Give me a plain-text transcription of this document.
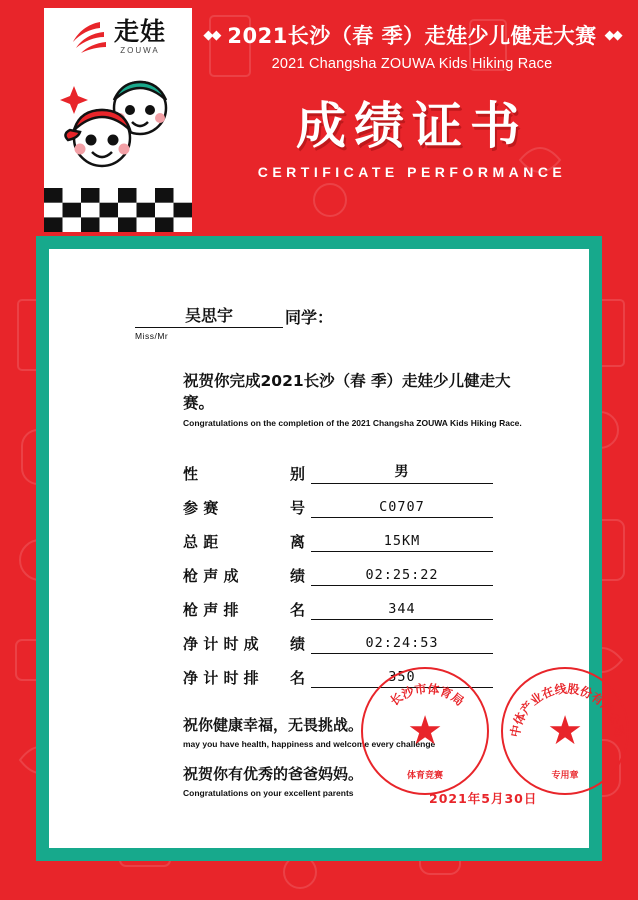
走娃
ZOUWA
◆◆ 2021长沙（春 季）走娃少儿健走大赛 ◆◆
2021 Changsha ZOUWA Kids Hiking Race
成绩证书
CERTIFICATE PERFORMANCE
吴思宇	同学：
Miss/Mr
祝贺你完成2021长沙（春 季）走娃少儿健走大赛。
Congratulations on the completion of the 2021 Changsha ZOUWA Kids Hiking Race.
性	别	男
参 赛	号	C0707
总 距	离	15KM
枪 声 成	绩	02:25:22
枪 声 排	名	344
净 计 时 成 绩	02:24:53
净 计 时 排 名	350
祝你健康幸福，无畏挑战。
may you have health, happiness and welcome every challenge
祝贺你有优秀的爸爸妈妈。
Congratulations on your excellent parents
长沙市体育局
★
体育竞赛
中体产业在线股份有限公司
★
专用章
2021年5月30日
